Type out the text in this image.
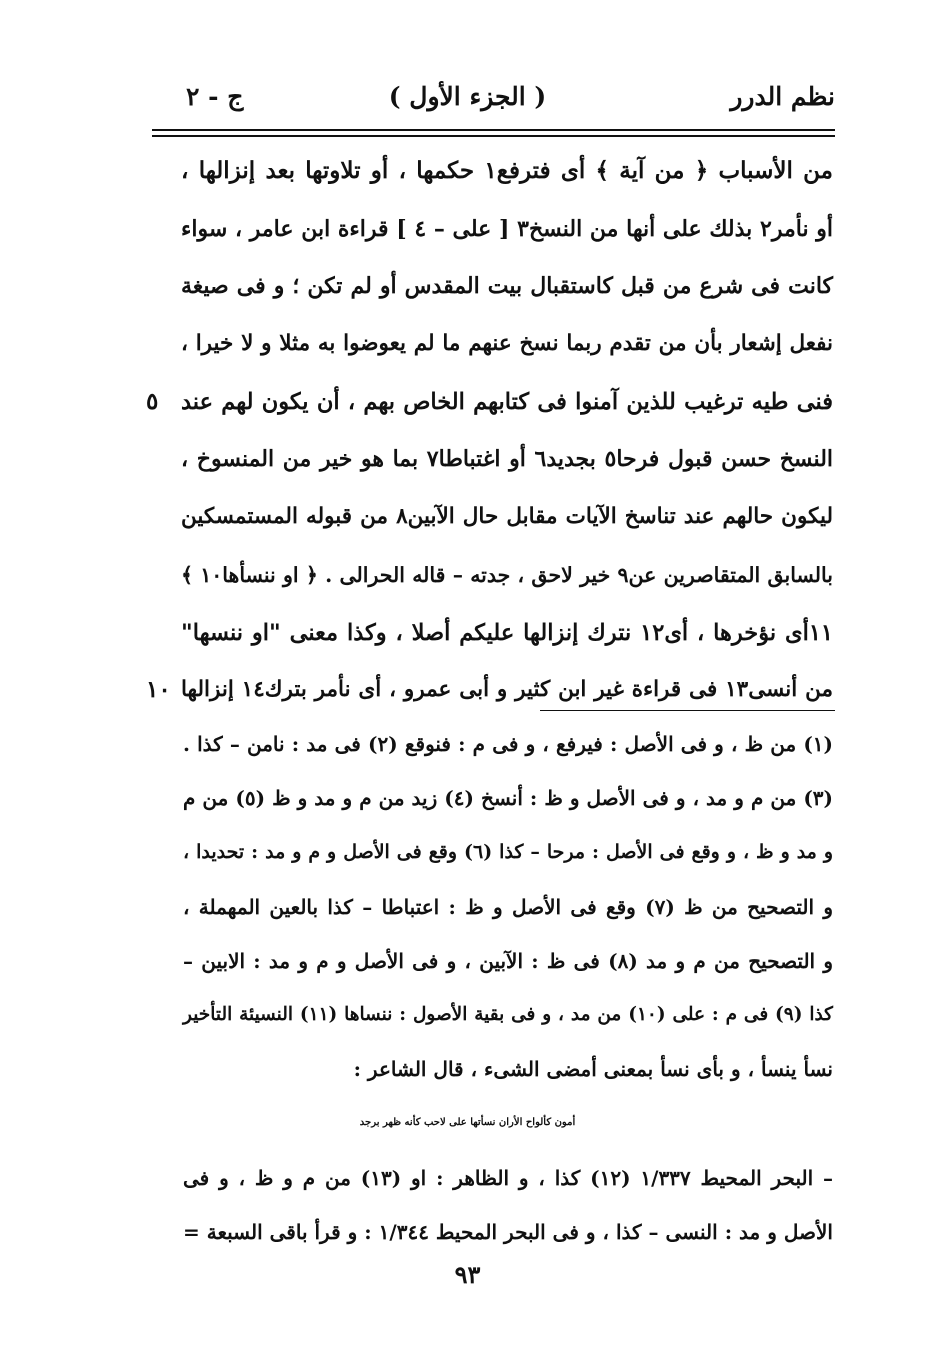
نظم الدرر
( الجزء الأول )
ج - ٢
من الأسباب ﴿ من آية ﴾ أى فترفع١ حكمها ، أو تلاوتها بعد إنزالها ،
أو نأمر٢ بذلك على أنها من النسخ٣ [ على – ٤ ] قراءة ابن عامر ، سواء
كانت فى شرع من قبل كاستقبال بيت المقدس أو لم تكن ؛ و فى صيغة
نفعل إشعار بأن من تقدم ربما نسخ عنهم ما لم يعوضوا به مثلا و لا خيرا ،
فنى طيه ترغيب للذين آمنوا فى كتابهم الخاص بهم ، أن يكون لهم عند
٥
النسخ حسن قبول فرحا٥ بجديد٦ أو اغتباطا٧ بما هو خير من المنسوخ ،
ليكون حالهم عند تناسخ الآيات مقابل حال الآبين٨ من قبوله المستمسكين
بالسابق المتقاصرين عن٩ خير لاحق ، جدته – قاله الحرالى . ﴿ او ننسأها١٠ ﴾
١١أى نؤخرها ، أى١٢ نترك إنزالها عليكم أصلا ، وكذا معنى "او ننسها"
من أنسى١٣ فى قراءة غير ابن كثير و أبى عمرو ، أى نأمر بترك١٤ إنزالها
١٠
(١) من ظ ، و فى الأصل : فيرفع ، و فى م : فنوقع (٢) فى مد : نامن – كذا .
(٣) من م و مد ، و فى الأصل و ظ : أنسخ (٤) زيد من م و مد و ظ (٥) من م
و مد و ظ ، و وقع فى الأصل : مرحا – كذا (٦) وقع فى الأصل و م و مد : تحديدا ،
و التصحيح من ظ (٧) وقع فى الأصل و ظ : اعتباطا – كذا بالعين المهملة ،
و التصحيح من م و مد (٨) فى ظ : الآبين ، و فى الأصل و م و مد : الابين –
كذا (٩) فى م : على (١٠) من مد ، و فى بقية الأصول : ننساها (١١) النسيئة التأخير
نسأ ينسأ ، و بأى نسأ بمعنى أمضى الشىء ، قال الشاعر :
أمون كألواح الأران نسأتها على لاحب كأنه ظهر برجد
– البحر المحيط ١/٣٣٧ (١٢) كذا ، و الظاهر : او (١٣) من م و ظ ، و فى
الأصل و مد : النسى – كذا ، و فى البحر المحيط ١/٣٤٤ : و قرأ باقى السبعة =
٩٣
